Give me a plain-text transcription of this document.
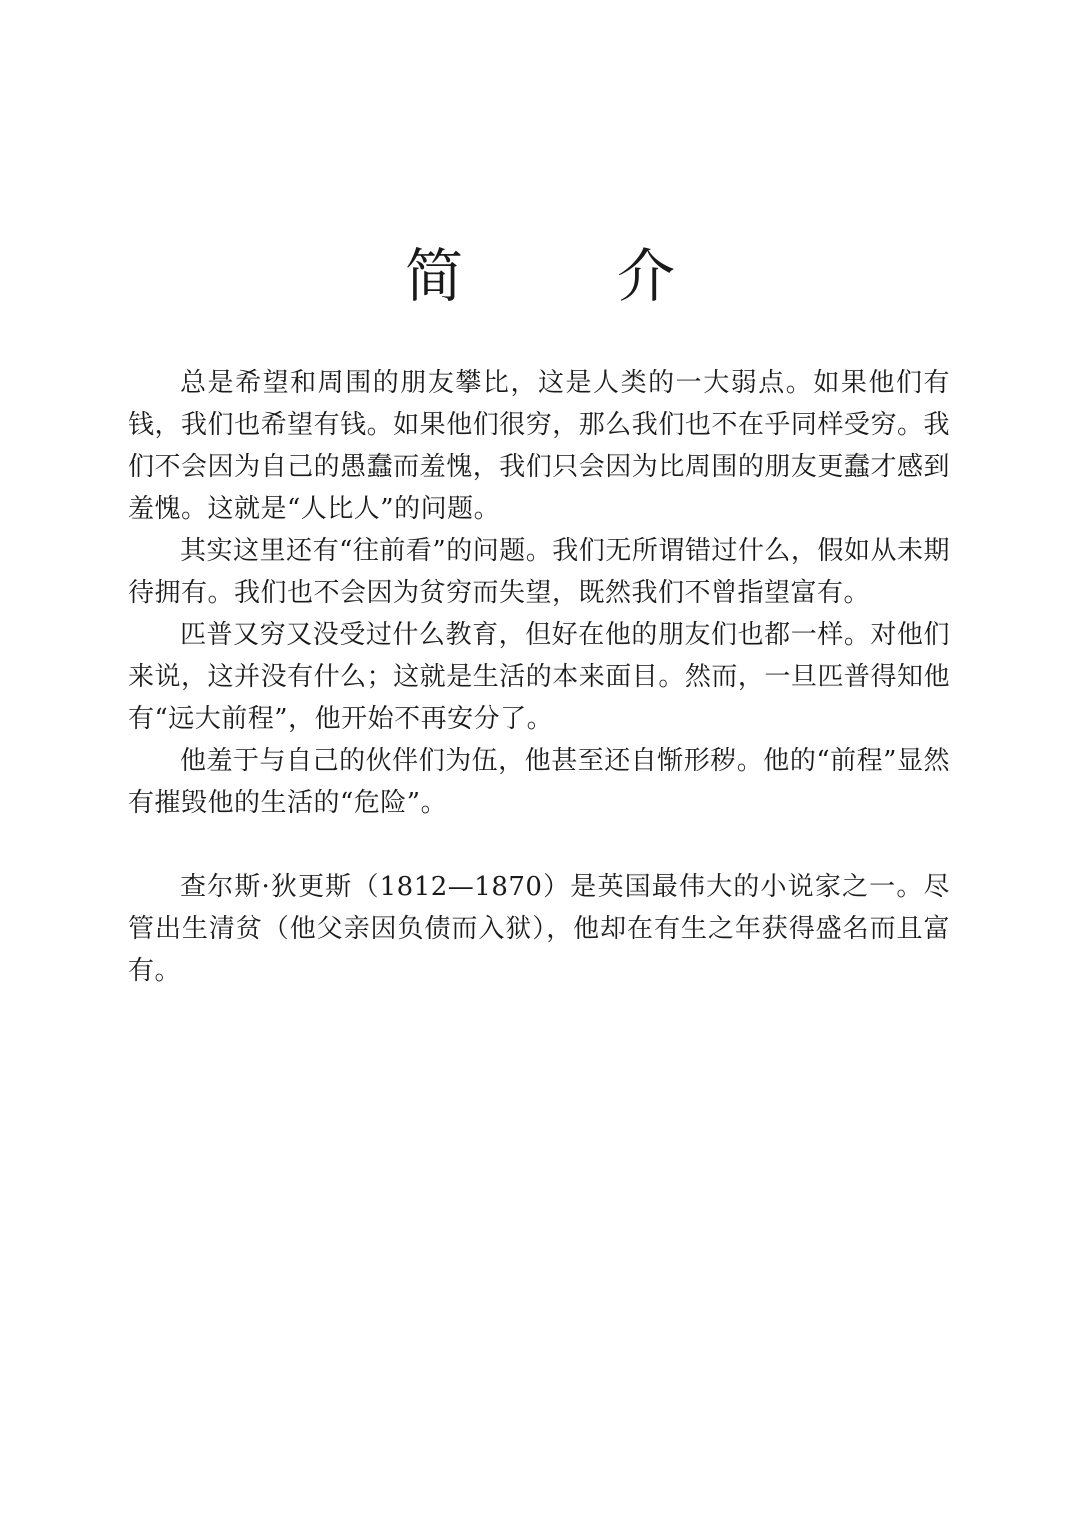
简　介

总是希望和周围的朋友攀比，这是人类的一大弱点。如果他们有钱，我们也希望有钱。如果他们很穷，那么我们也不在乎同样受穷。我们不会因为自己的愚蠢而羞愧，我们只会因为比周围的朋友更蠢才感到羞愧。这就是“人比人”的问题。

其实这里还有“往前看”的问题。我们无所谓错过什么，假如从未期待拥有。我们也不会因为贫穷而失望，既然我们不曾指望富有。

匹普又穷又没受过什么教育，但好在他的朋友们也都一样。对他们来说，这并没有什么；这就是生活的本来面目。然而，一旦匹普得知他有“远大前程”，他开始不再安分了。

他羞于与自己的伙伴们为伍，他甚至还自惭形秽。他的“前程”显然有摧毁他的生活的“危险”。

查尔斯·狄更斯（1812—1870）是英国最伟大的小说家之一。尽管出生清贫（他父亲因负债而入狱），他却在有生之年获得盛名而且富有。
